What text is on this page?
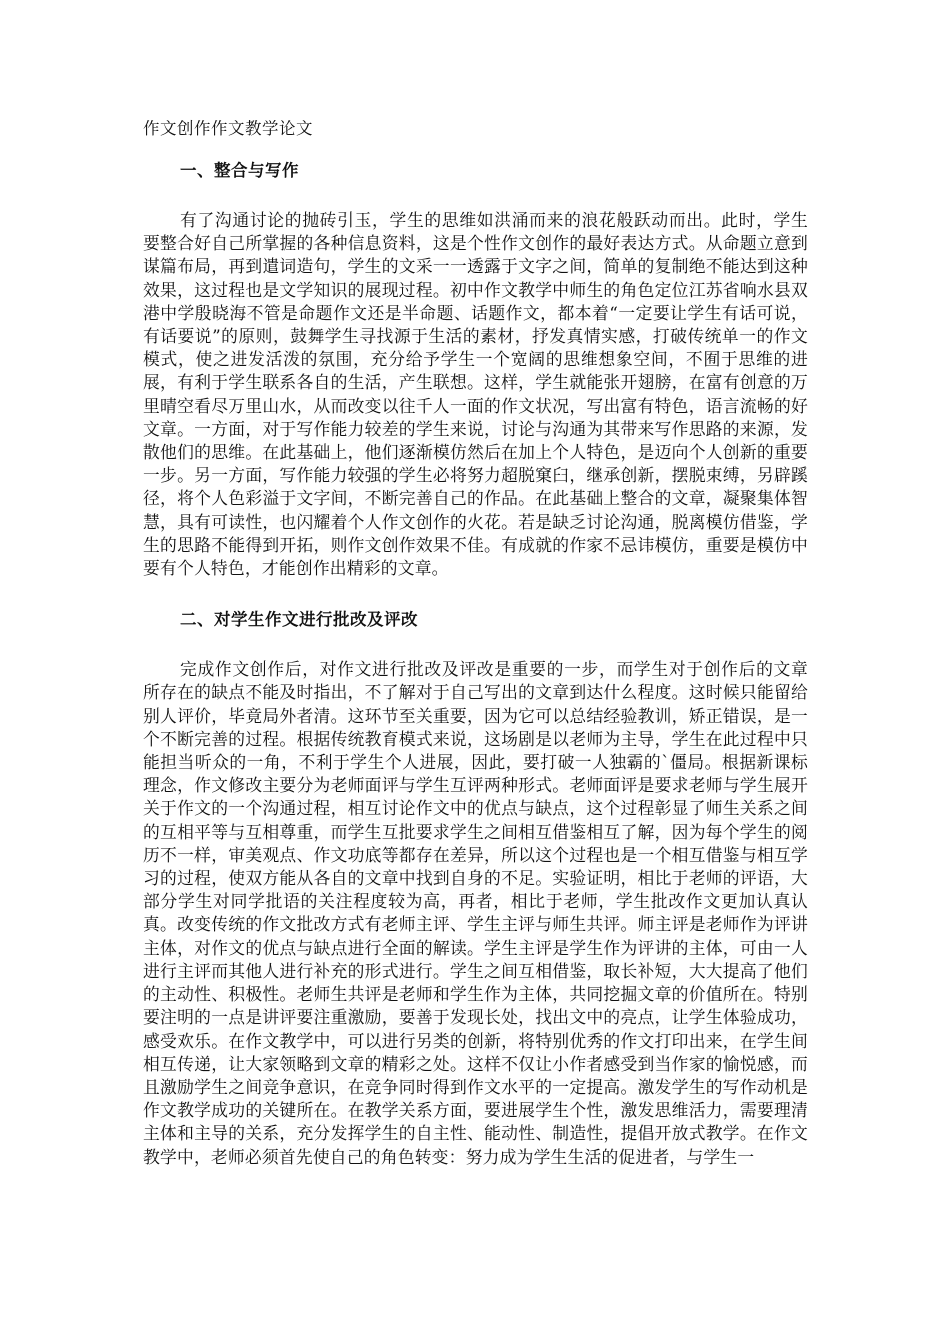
作文创作作文教学论文
一、整合与写作
有了沟通讨论的抛砖引玉，学生的思维如洪涌而来的浪花般跃动而出。此时，学生要整合好自己所掌握的各种信息资料，这是个性作文创作的最好表达方式。从命题立意到谋篇布局，再到遣词造句，学生的文采一一透露于文字之间，简单的复制绝不能达到这种效果，这过程也是文学知识的展现过程。初中作文教学中师生的角色定位江苏省响水县双港中学殷晓海不管是命题作文还是半命题、话题作文，都本着“一定要让学生有话可说，有话要说”的原则，鼓舞学生寻找源于生活的素材，抒发真情实感，打破传统单一的作文模式，使之进发活泼的氛围，充分给予学生一个宽阔的思维想象空间，不囿于思维的进展，有利于学生联系各自的生活，产生联想。这样，学生就能张开翅膀，在富有创意的万里晴空看尽万里山水，从而改变以往千人一面的作文状况，写出富有特色，语言流畅的好文章。一方面，对于写作能力较差的学生来说，讨论与沟通为其带来写作思路的来源，发散他们的思维。在此基础上，他们逐渐模仿然后在加上个人特色，是迈向个人创新的重要一步。另一方面，写作能力较强的学生必将努力超脱窠臼，继承创新，摆脱束缚，另辟蹊径，将个人色彩溢于文字间，不断完善自己的作品。在此基础上整合的文章，凝聚集体智慧，具有可读性，也闪耀着个人作文创作的火花。若是缺乏讨论沟通，脱离模仿借鉴，学生的思路不能得到开拓，则作文创作效果不佳。有成就的作家不忌讳模仿，重要是模仿中要有个人特色，才能创作出精彩的文章。
二、对学生作文进行批改及评改
完成作文创作后，对作文进行批改及评改是重要的一步，而学生对于创作后的文章所存在的缺点不能及时指出，不了解对于自己写出的文章到达什么程度。这时候只能留给别人评价，毕竟局外者清。这环节至关重要，因为它可以总结经验教训，矫正错误，是一个不断完善的过程。根据传统教育模式来说，这场剧是以老师为主导，学生在此过程中只能担当听众的一角，不利于学生个人进展，因此，要打破一人独霸的`僵局。根据新课标理念，作文修改主要分为老师面评与学生互评两种形式。老师面评是要求老师与学生展开关于作文的一个沟通过程，相互讨论作文中的优点与缺点，这个过程彰显了师生关系之间的互相平等与互相尊重，而学生互批要求学生之间相互借鉴相互了解，因为每个学生的阅历不一样，审美观点、作文功底等都存在差异，所以这个过程也是一个相互借鉴与相互学习的过程，使双方能从各自的文章中找到自身的不足。实验证明，相比于老师的评语，大部分学生对同学批语的关注程度较为高，再者，相比于老师，学生批改作文更加认真认真。改变传统的作文批改方式有老师主评、学生主评与师生共评。师主评是老师作为评讲主体，对作文的优点与缺点进行全面的解读。学生主评是学生作为评讲的主体，可由一人进行主评而其他人进行补充的形式进行。学生之间互相借鉴，取长补短，大大提高了他们的主动性、积极性。老师生共评是老师和学生作为主体，共同挖掘文章的价值所在。特别要注明的一点是讲评要注重激励，要善于发现长处，找出文中的亮点，让学生体验成功，感受欢乐。在作文教学中，可以进行另类的创新，将特别优秀的作文打印出来，在学生间相互传递，让大家领略到文章的精彩之处。这样不仅让小作者感受到当作家的愉悦感，而且激励学生之间竞争意识，在竞争同时得到作文水平的一定提高。激发学生的写作动机是作文教学成功的关键所在。在教学关系方面，要进展学生个性，激发思维活力，需要理清主体和主导的关系，充分发挥学生的自主性、能动性、制造性，提倡开放式教学。在作文教学中，老师必须首先使自己的角色转变：努力成为学生生活的促进者，与学生一
